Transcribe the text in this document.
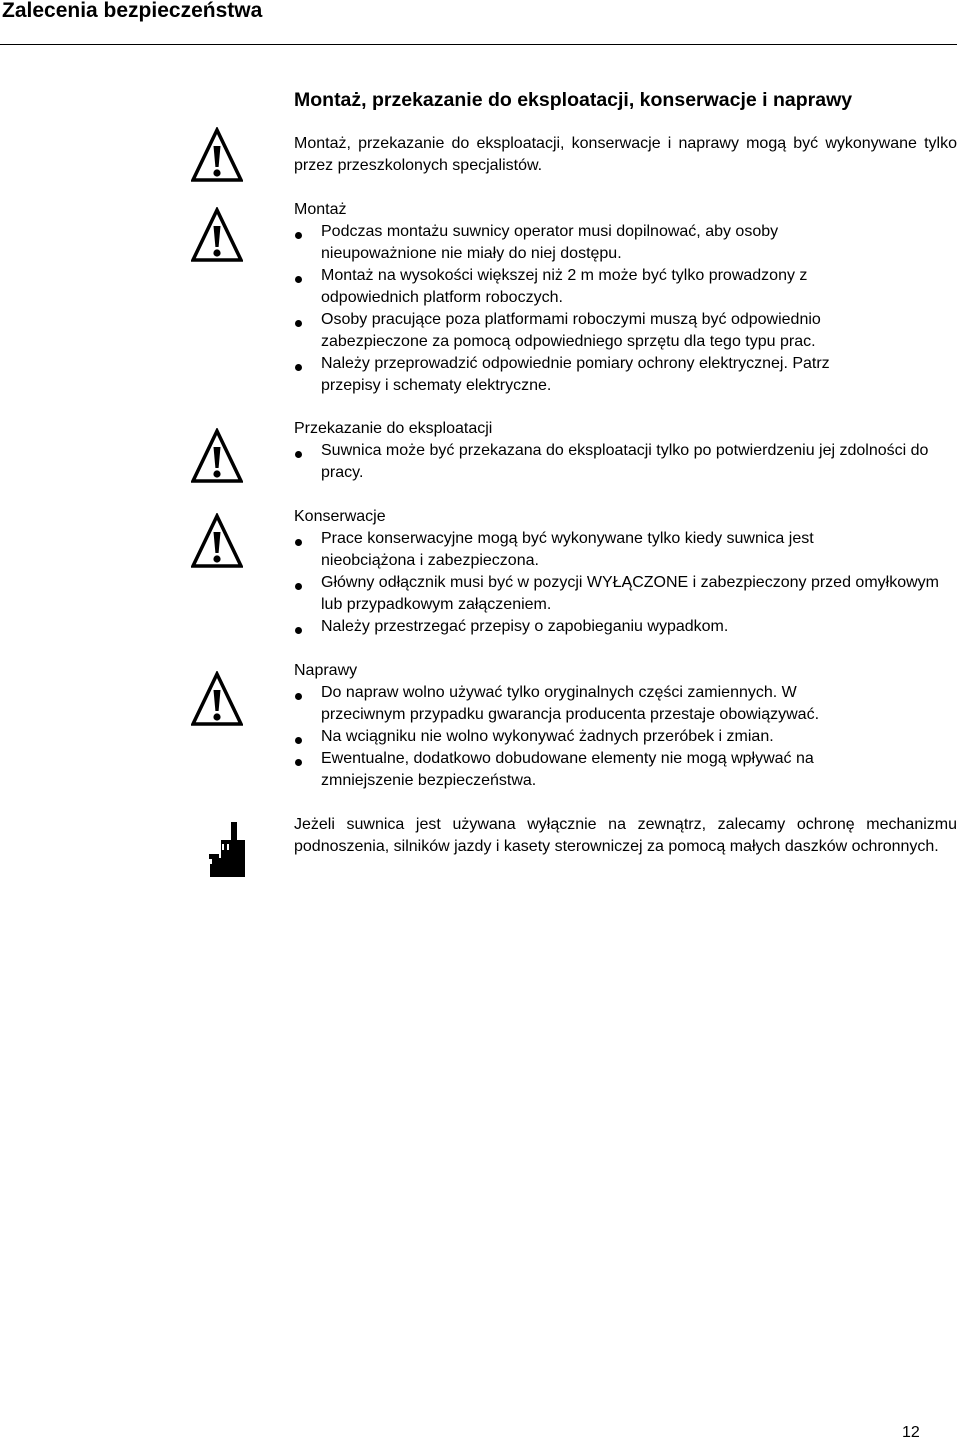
Zalecenia bezpieczeństwa
Montaż, przekazanie do eksploatacji, konserwacje i naprawy
Montaż, przekazanie do eksploatacji, konserwacje i naprawy mogą być wykonywane tylko przez przeszkolonych specjalistów.
Montaż
Podczas montażu suwnicy operator musi dopilnować, aby osoby nieupoważnione nie miały do niej dostępu.
Montaż na wysokości większej niż 2 m może być tylko prowadzony z odpowiednich platform roboczych.
Osoby pracujące poza platformami roboczymi muszą być odpowiednio zabezpieczone za pomocą odpowiedniego sprzętu dla tego typu prac.
Należy przeprowadzić odpowiednie pomiary ochrony elektrycznej. Patrz przepisy i schematy elektryczne.
Przekazanie do eksploatacji
Suwnica może być przekazana do eksploatacji tylko po potwierdzeniu jej zdolności do pracy.
Konserwacje
Prace konserwacyjne mogą być wykonywane tylko kiedy suwnica jest nieobciążona i zabezpieczona.
Główny odłącznik musi być w pozycji WYŁĄCZONE i zabezpieczony przed omyłkowym lub przypadkowym załączeniem.
Należy przestrzegać przepisy o zapobieganiu wypadkom.
Naprawy
Do napraw wolno używać tylko oryginalnych części zamiennych. W przeciwnym przypadku gwarancja producenta przestaje obowiązywać.
Na wciągniku nie wolno wykonywać żadnych przeróbek i zmian.
Ewentualne, dodatkowo dobudowane elementy nie mogą wpływać na zmniejszenie bezpieczeństwa.
Jeżeli suwnica jest używana wyłącznie na zewnątrz, zalecamy ochronę mechanizmu podnoszenia, silników jazdy i kasety sterowniczej za pomocą małych daszków ochronnych.
12
